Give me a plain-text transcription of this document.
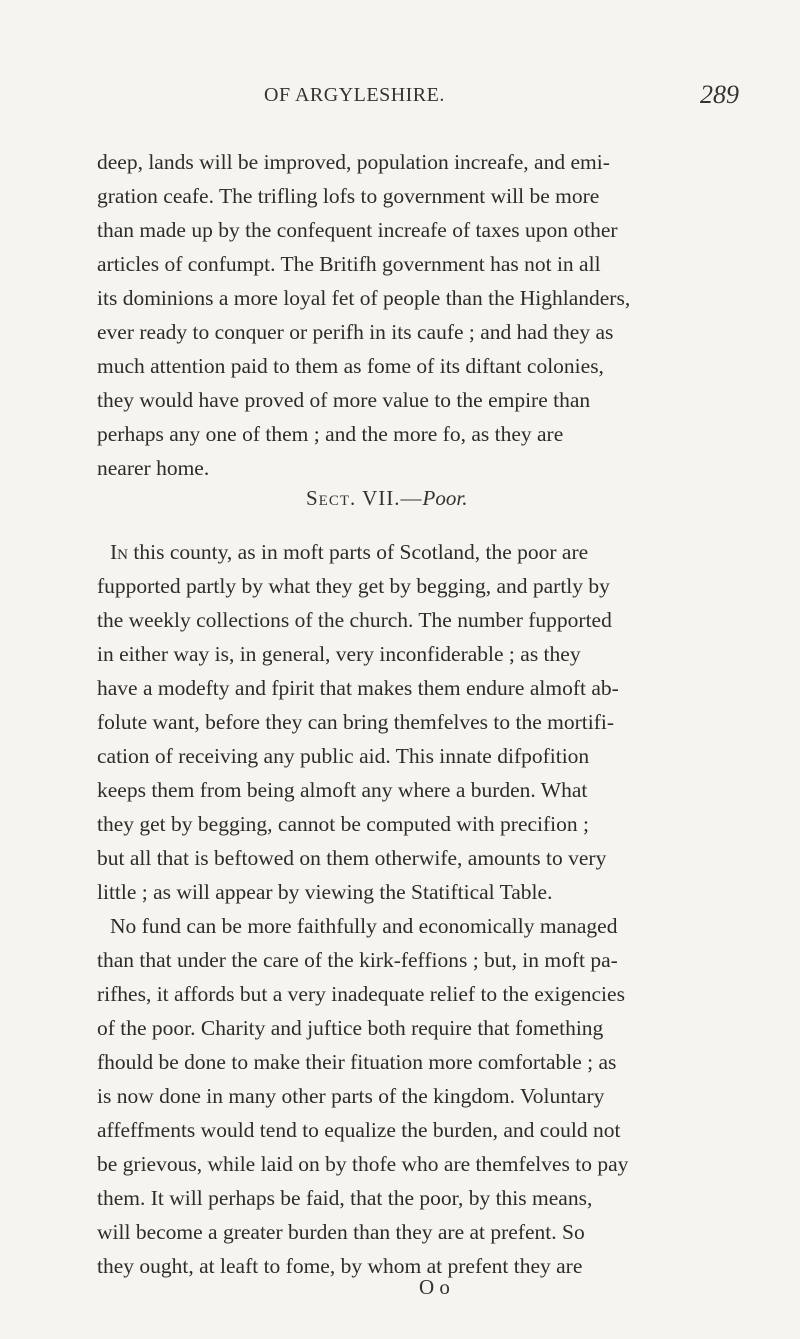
OF ARGYLESHIRE.	289
deep, lands will be improved, population increafe, and emi-
gration ceafe. The trifling lofs to government will be more
than made up by the confequent increafe of taxes upon other
articles of confumpt. The Britifh government has not in all
its dominions a more loyal fet of people than the Highlanders,
ever ready to conquer or perifh in its caufe ; and had they as
much attention paid to them as fome of its diftant colonies,
they would have proved of more value to the empire than
perhaps any one of them ; and the more fo, as they are
nearer home.
Sect. VII.—Poor.
In this county, as in moft parts of Scotland, the poor are
fupported partly by what they get by begging, and partly by
the weekly collections of the church. The number fupported
in either way is, in general, very inconfiderable ; as they
have a modefty and fpirit that makes them endure almoft ab-
folute want, before they can bring themfelves to the mortifi-
cation of receiving any public aid. This innate difpofition
keeps them from being almoft any where a burden. What
they get by begging, cannot be computed with precifion ;
but all that is beftowed on them otherwife, amounts to very
little ; as will appear by viewing the Statiftical Table.
No fund can be more faithfully and economically managed
than that under the care of the kirk-feffions ; but, in moft pa-
rifhes, it affords but a very inadequate relief to the exigencies
of the poor. Charity and juftice both require that fomething
fhould be done to make their fituation more comfortable ; as
is now done in many other parts of the kingdom. Voluntary
affeffments would tend to equalize the burden, and could not
be grievous, while laid on by thofe who are themfelves to pay
them. It will perhaps be faid, that the poor, by this means,
will become a greater burden than they are at prefent. So
they ought, at leaft to fome, by whom at prefent they are
O o
